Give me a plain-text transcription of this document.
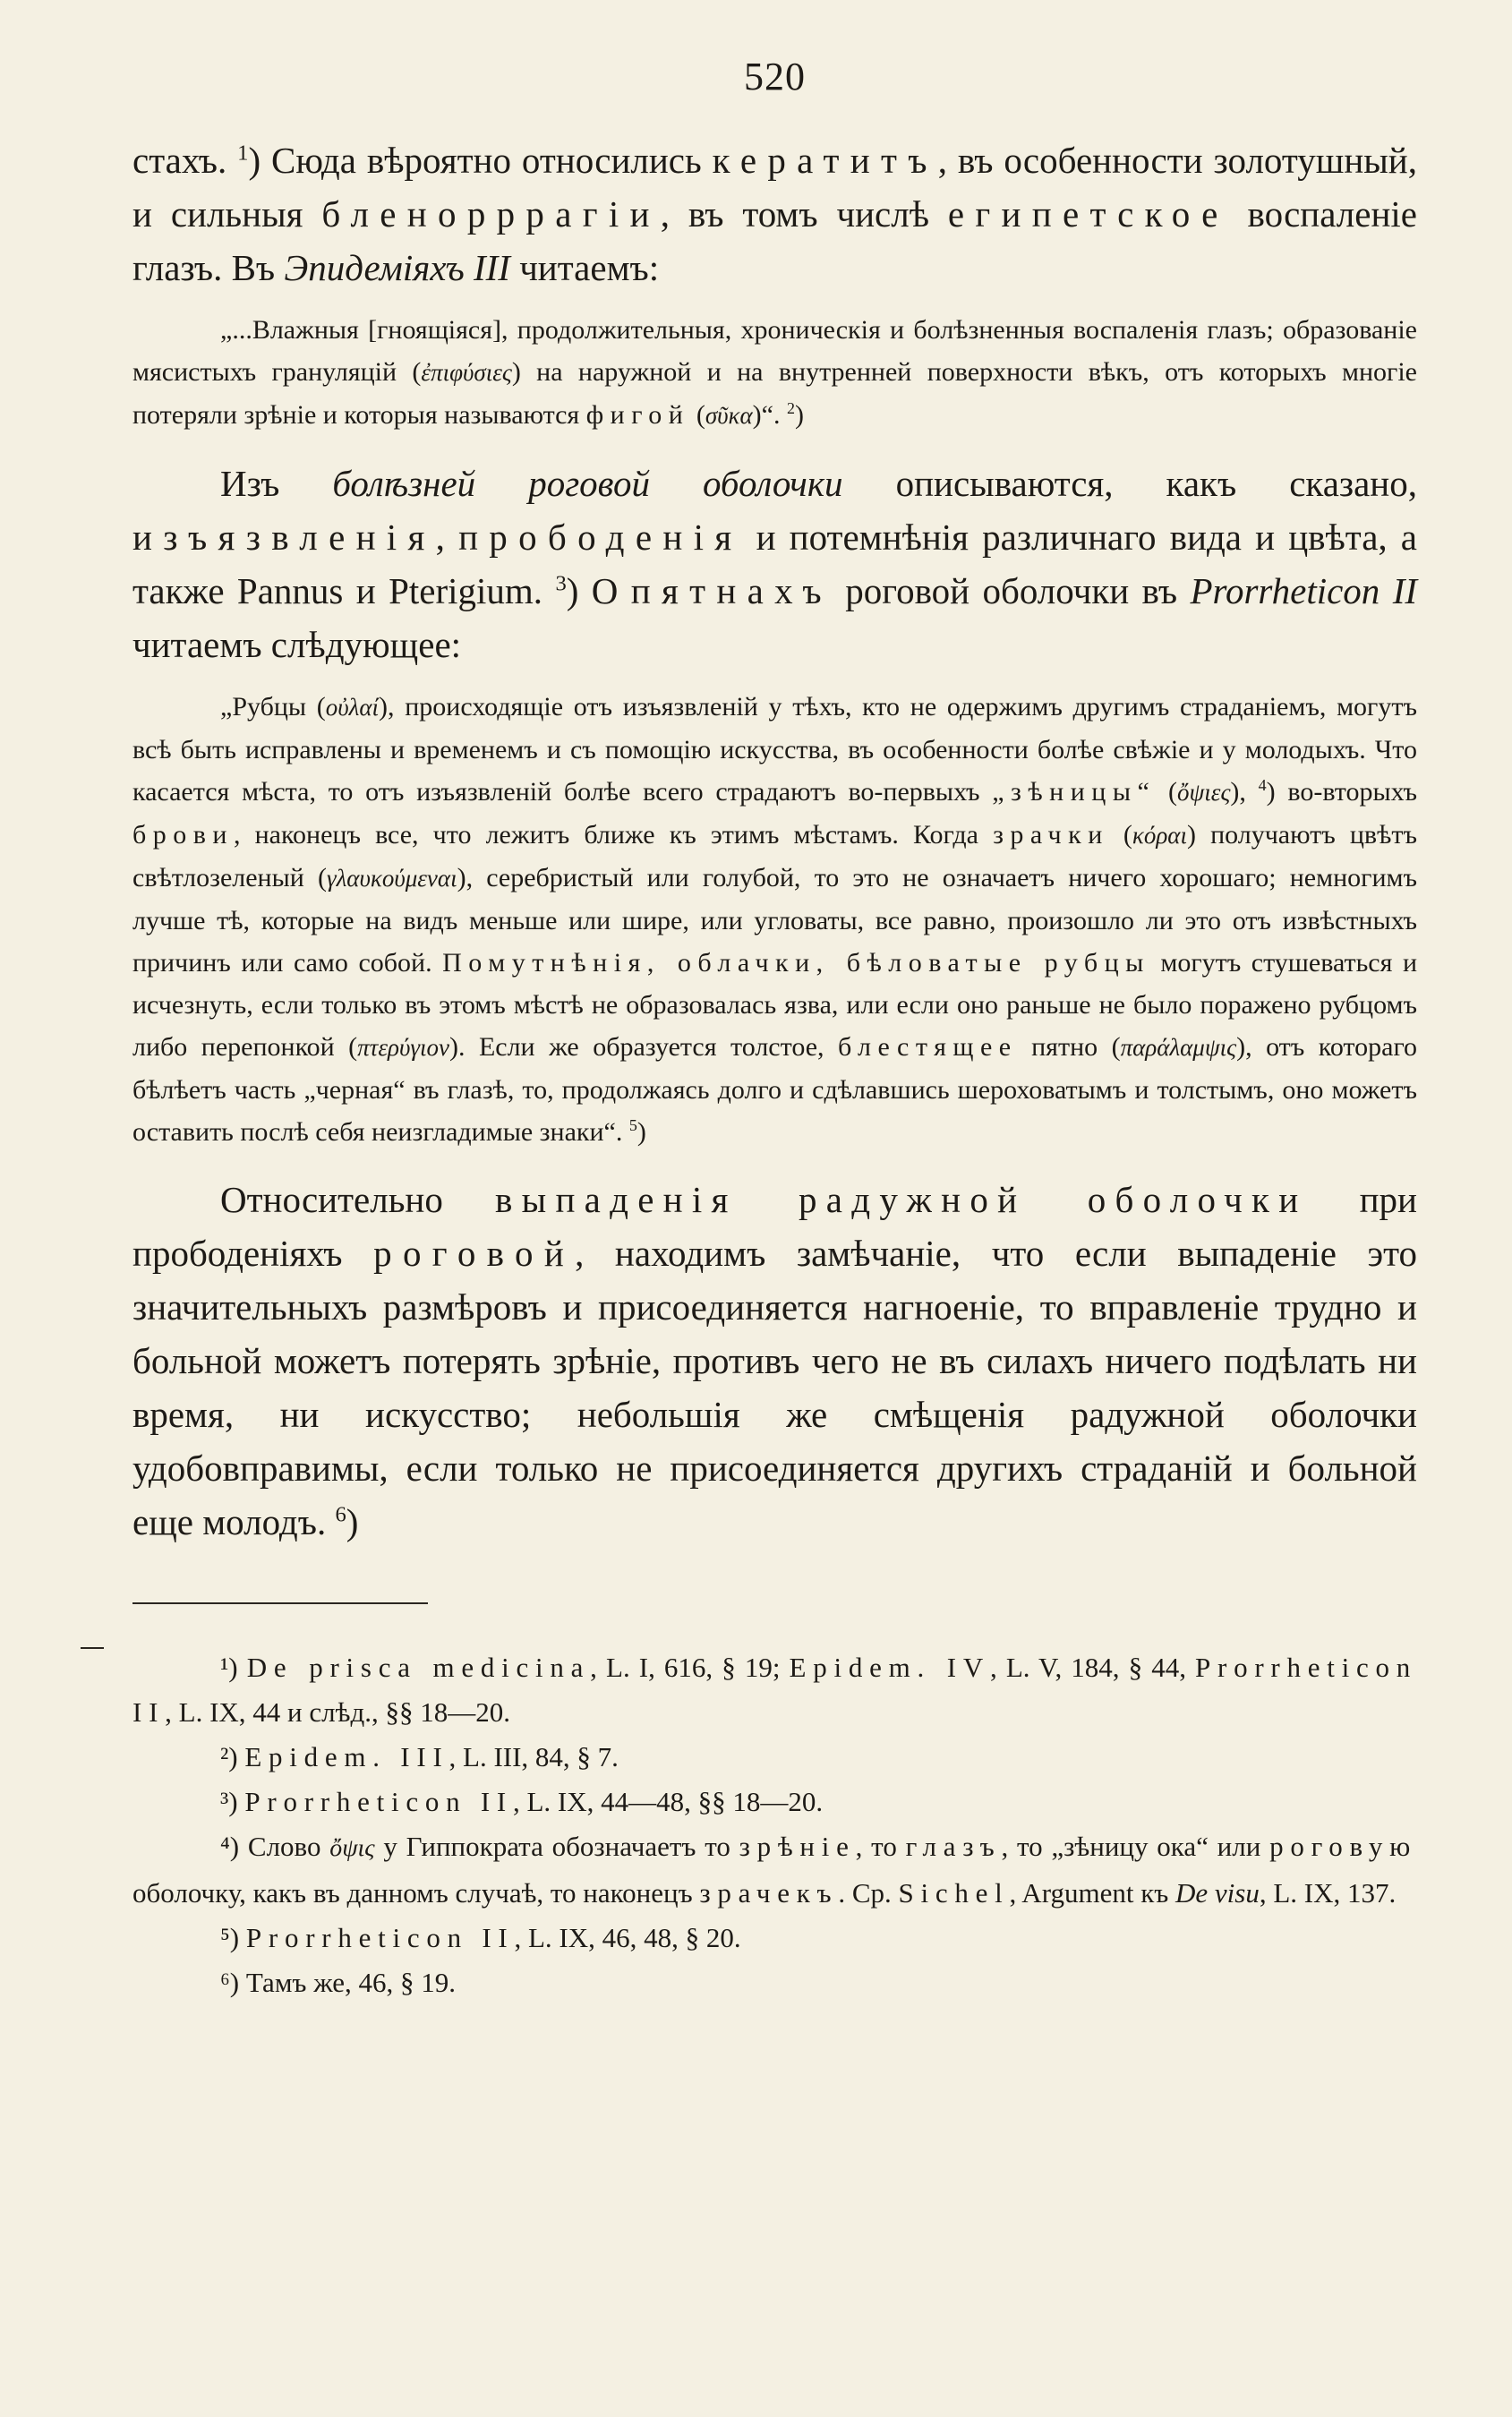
520

стахъ. $^1$) Сюда вѣроятно относились кератитъ, въ особенности золотушный, и сильныя бленорррагіи, въ томъ числѣ египетское воспаленіе глазъ. Въ Эпидеміяхъ III читаемъ:

„...Влажныя [гноящіяся], продолжительныя, хроническія и болѣзненныя воспаленія глазъ; образованіе мясистыхъ грануляцій (ἐπιφύσιες) на наружной и на внутренней поверхности вѣкъ, отъ которыхъ многіе потеряли зрѣніе и которыя называются фигой (σῦκα)“. $^2$)

Изъ болѣзней роговой оболочки описываются, какъ сказано, изъязвленія, прободенія и потемнѣнія различнаго вида и цвѣта, а также Pannus и Pterigium. $^3$) О пятнахъ роговой оболочки въ Prorrheticon II читаемъ слѣдующее:

„Рубцы (οὐλαί), происходящіе отъ изъязвленій у тѣхъ, кто не одержимъ другимъ страданіемъ, могутъ всѣ быть исправлены и временемъ и съ помощію искусства, въ особенности болѣе свѣжіе и у молодыхъ. Что касается мѣста, то отъ изъязвленій болѣе всего страдаютъ во-первыхъ „зѣницы“ (ὄψιες), $^4$) во-вторыхъ брови, наконецъ все, что лежитъ ближе къ этимъ мѣстамъ. Когда зрачки (κόραι) получаютъ цвѣтъ свѣтлозеленый (γλαυκούμεναι), серебристый или голубой, то это не означаетъ ничего хорошаго; немногимъ лучше тѣ, которые на видъ меньше или шире, или угловаты, все равно, произошло ли это отъ извѣстныхъ причинъ или само собой. Помутнѣнія, облачки, бѣловатые рубцы могутъ стушеваться и исчезнуть, если только въ этомъ мѣстѣ не образовалась язва, или если оно раньше не было поражено рубцомъ либо перепонкой (πτερύγιον). Если же образуется толстое, блестящее пятно (παράλαμψις), отъ котораго бѣлѣетъ часть „черная“ въ глазѣ, то, продолжаясь долго и сдѣлавшись шероховатымъ и толстымъ, оно можетъ оставить послѣ себя неизгладимые знаки“. $^5$)

Относительно выпаденія радужной оболочки при прободеніяхъ роговой, находимъ замѣчаніе, что если выпаденіе это значительныхъ размѣровъ и присоединяется нагноеніе, то вправленіе трудно и больной можетъ потерять зрѣніе, противъ чего не въ силахъ ничего подѣлать ни время, ни искусство; небольшія же смѣщенія радужной оболочки удобовправимы, если только не присоединяется другихъ страданій и больной еще молодъ. $^6$)

¹) De prisca medicina, L. I, 616, § 19; Epidem. IV, L. V, 184, § 44, Prorrheticon II, L. IX, 44 и слѣд., §§ 18—20.

²) Epidem. III, L. III, 84, § 7.

³) Prorrheticon II, L. IX, 44—48, §§ 18—20.

⁴) Слово ὄψις у Гиппократа обозначаетъ то зрѣніе, то глазъ, то „зѣницу ока“ или роговую оболочку, какъ въ данномъ случаѣ, то наконецъ зрачекъ. Ср. Sichel, Argument къ De visu, L. IX, 137.

⁵) Prorrheticon II, L. IX, 46, 48, § 20.

⁶) Тамъ же, 46, § 19.
